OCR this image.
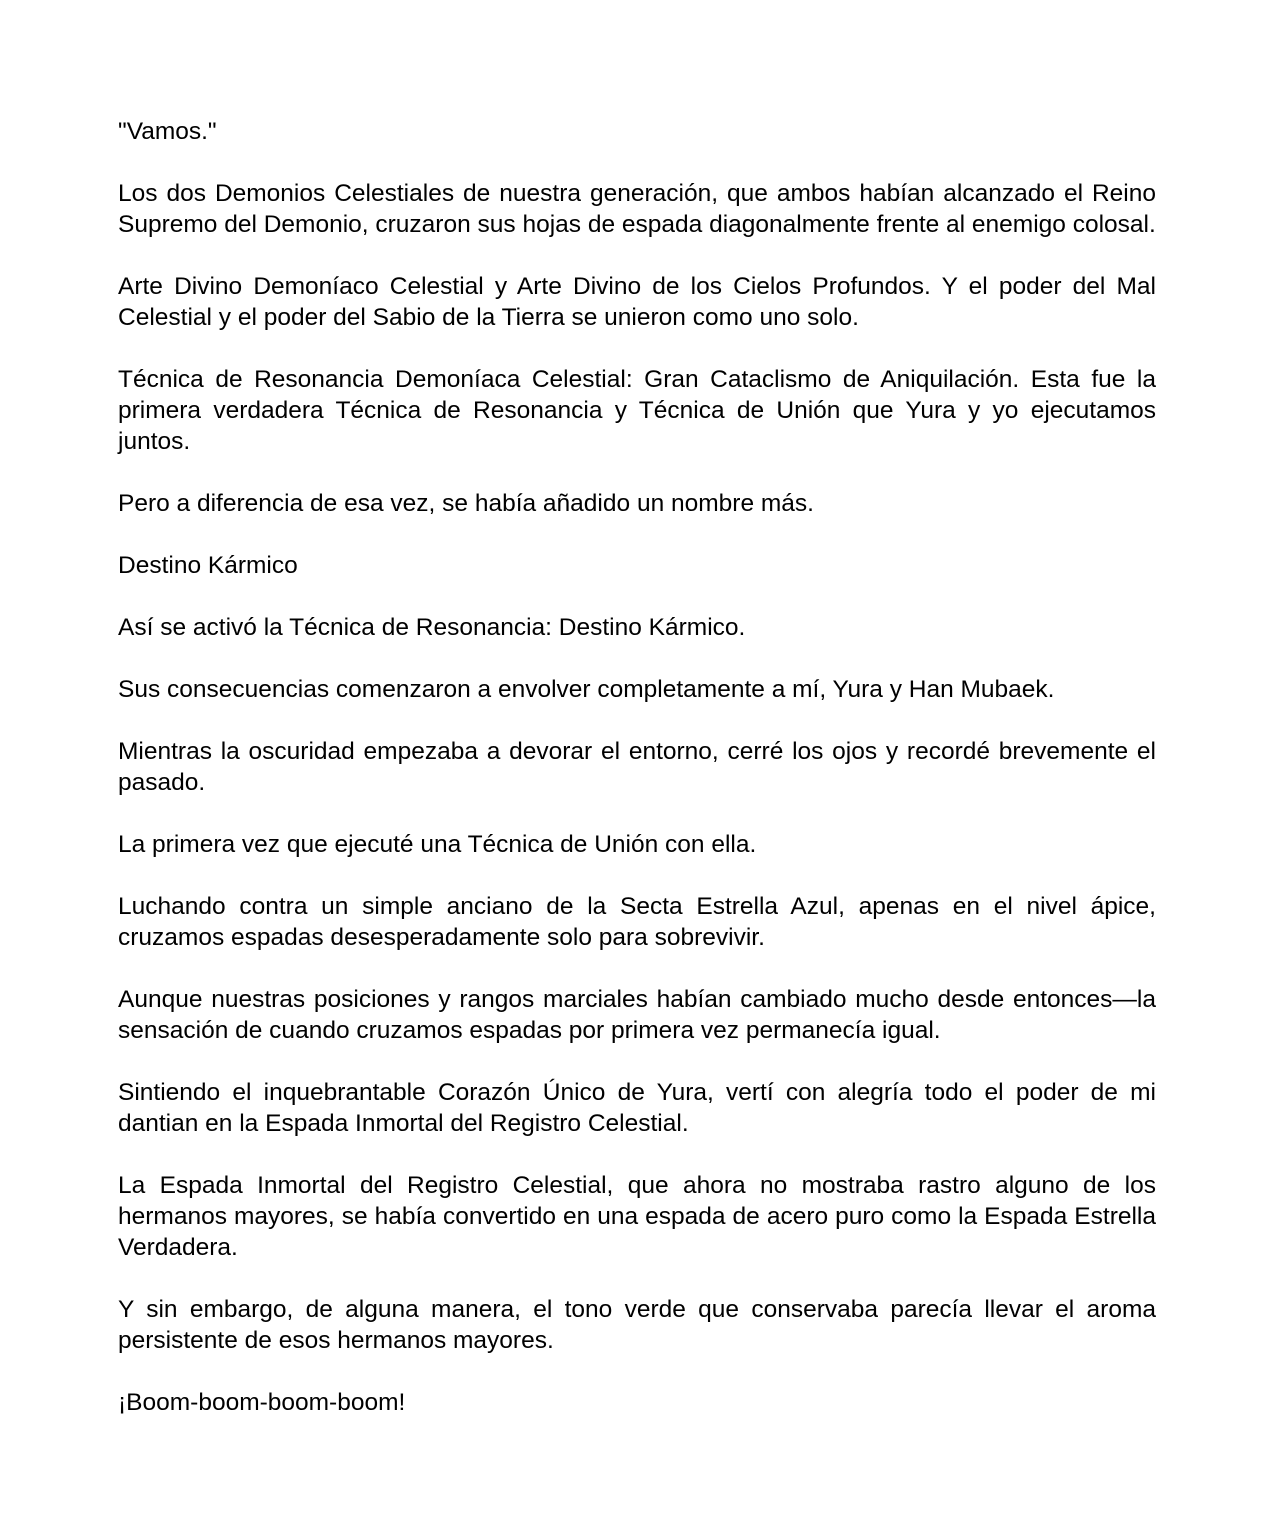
"Vamos."

Los dos Demonios Celestiales de nuestra generación, que ambos habían alcanzado el Reino Supremo del Demonio, cruzaron sus hojas de espada diagonalmente frente al enemigo colosal.

Arte Divino Demoníaco Celestial y Arte Divino de los Cielos Profundos. Y el poder del Mal Celestial y el poder del Sabio de la Tierra se unieron como uno solo.

Técnica de Resonancia Demoníaca Celestial: Gran Cataclismo de Aniquilación. Esta fue la primera verdadera Técnica de Resonancia y Técnica de Unión que Yura y yo ejecutamos juntos.

Pero a diferencia de esa vez, se había añadido un nombre más.

Destino Kármico

Así se activó la Técnica de Resonancia: Destino Kármico.

Sus consecuencias comenzaron a envolver completamente a mí, Yura y Han Mubaek.

Mientras la oscuridad empezaba a devorar el entorno, cerré los ojos y recordé brevemente el pasado.

La primera vez que ejecuté una Técnica de Unión con ella.

Luchando contra un simple anciano de la Secta Estrella Azul, apenas en el nivel ápice, cruzamos espadas desesperadamente solo para sobrevivir.

Aunque nuestras posiciones y rangos marciales habían cambiado mucho desde entonces—la sensación de cuando cruzamos espadas por primera vez permanecía igual.

Sintiendo el inquebrantable Corazón Único de Yura, vertí con alegría todo el poder de mi dantian en la Espada Inmortal del Registro Celestial.

La Espada Inmortal del Registro Celestial, que ahora no mostraba rastro alguno de los hermanos mayores, se había convertido en una espada de acero puro como la Espada Estrella Verdadera.

Y sin embargo, de alguna manera, el tono verde que conservaba parecía llevar el aroma persistente de esos hermanos mayores.

¡Boom-boom-boom-boom!
